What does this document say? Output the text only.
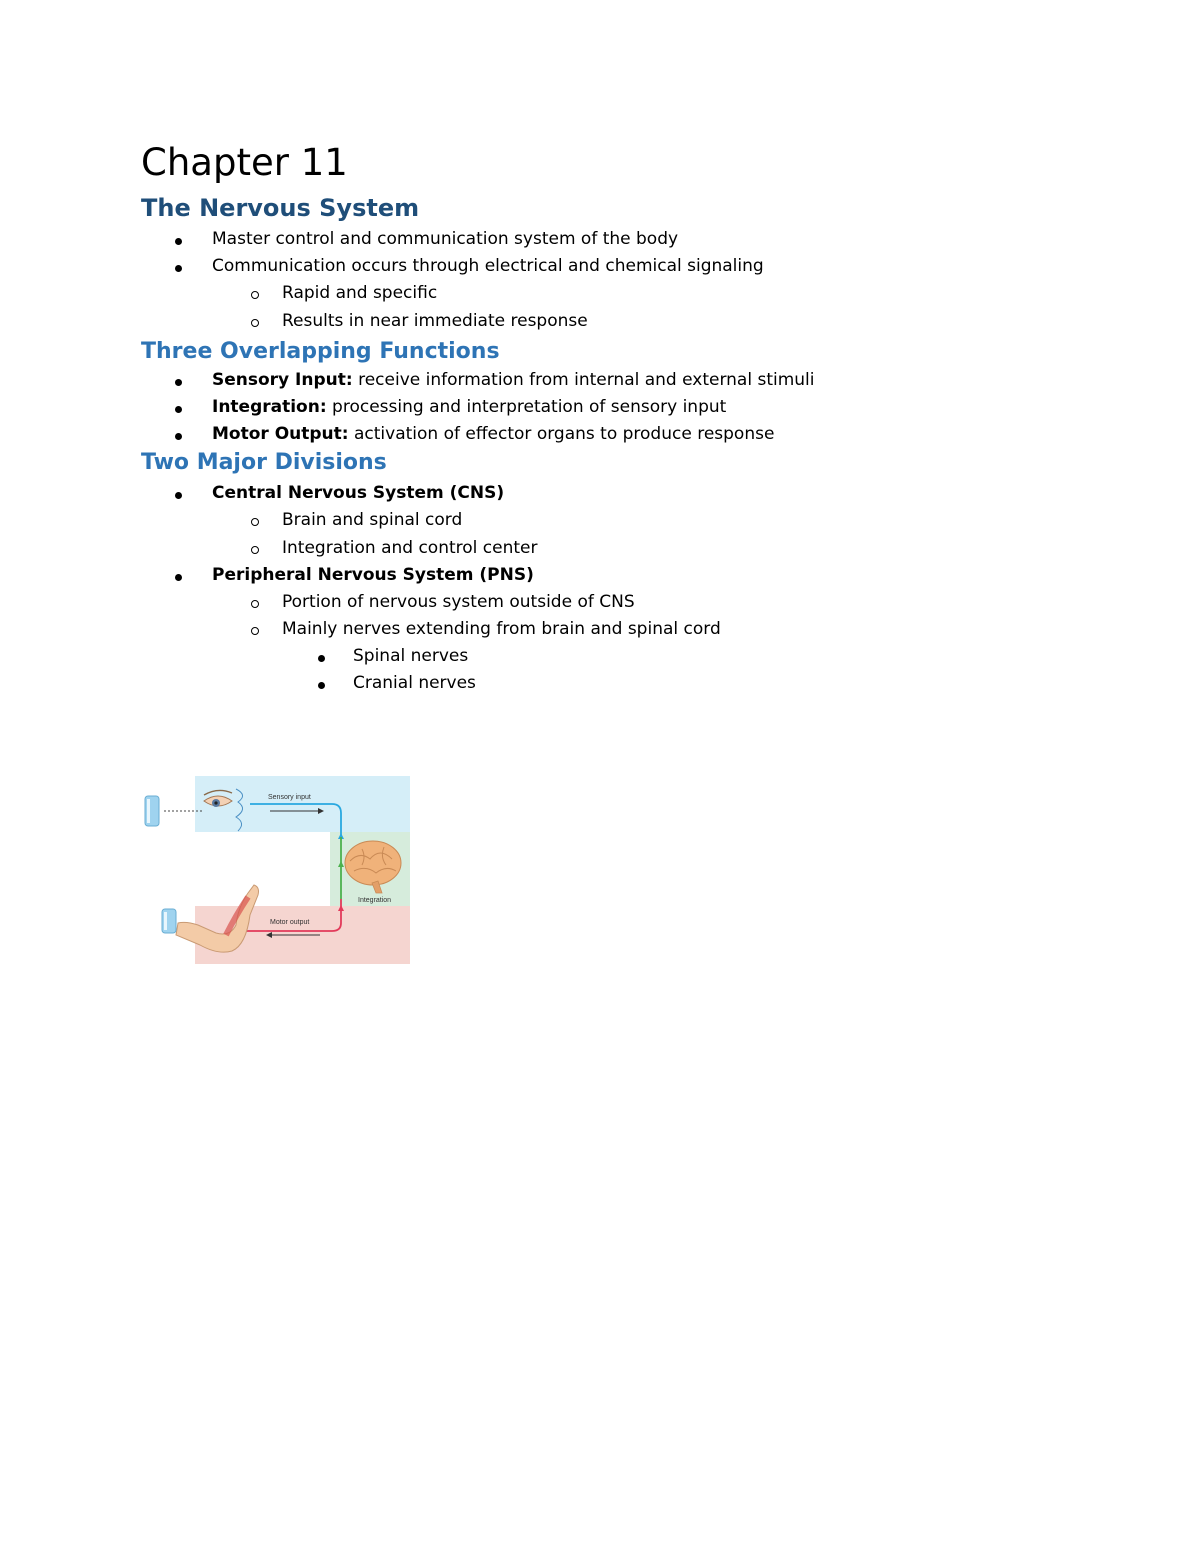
Chapter 11
The Nervous System
Master control and communication system of the body
Communication occurs through electrical and chemical signaling
Rapid and specific
Results in near immediate response
Three Overlapping Functions
Sensory Input: receive information from internal and external stimuli
Integration: processing and interpretation of sensory input
Motor Output: activation of effector organs to produce response
Two Major Divisions
Central Nervous System (CNS)
Brain and spinal cord
Integration and control center
Peripheral Nervous System (PNS)
Portion of nervous system outside of CNS
Mainly nerves extending from brain and spinal cord
Spinal nerves
Cranial nerves
Sensory input
Integration
Motor output
